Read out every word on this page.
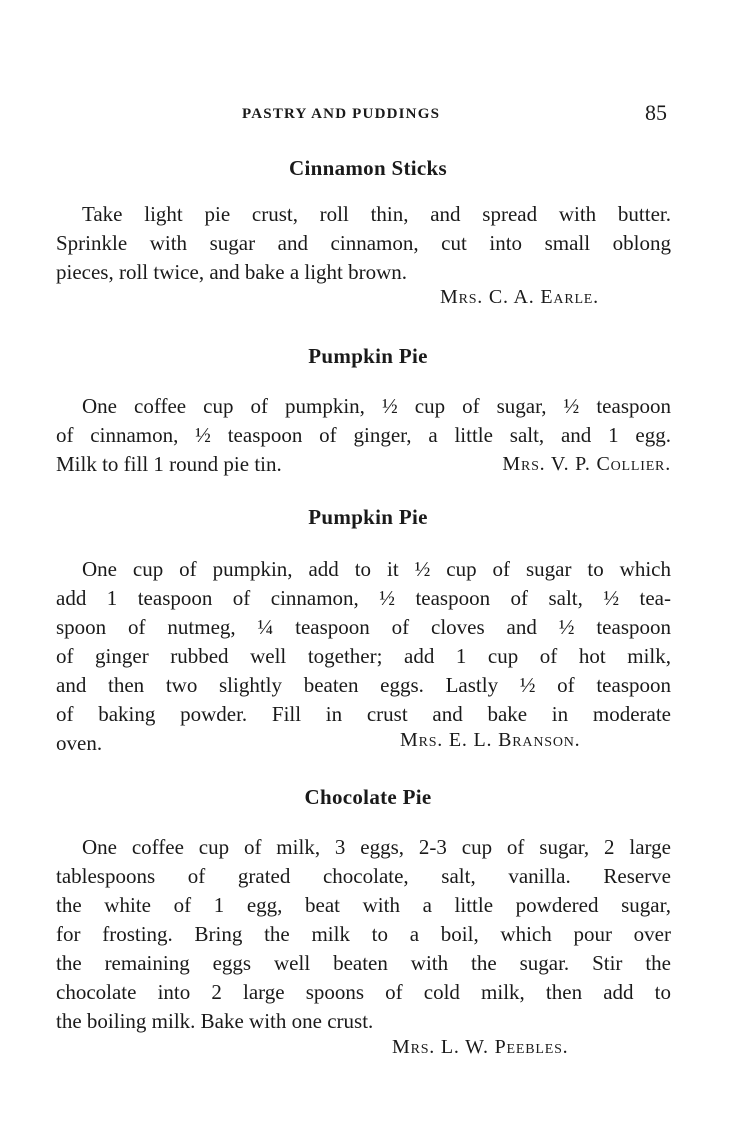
PASTRY AND PUDDINGS	85
Cinnamon Sticks
Take light pie crust, roll thin, and spread with butter.
Sprinkle with sugar and cinnamon, cut into small oblong
pieces, roll twice, and bake a light brown.
Mrs. C. A. Earle.
Pumpkin Pie
One coffee cup of pumpkin, ½ cup of sugar, ½ teaspoon
of cinnamon, ½ teaspoon of ginger, a little salt, and 1 egg.
Milk to fill 1 round pie tin.	Mrs. V. P. Collier.
Pumpkin Pie
One cup of pumpkin, add to it ½ cup of sugar to which
add 1 teaspoon of cinnamon, ½ teaspoon of salt, ½ tea-
spoon of nutmeg, ¼ teaspoon of cloves and ½ teaspoon
of ginger rubbed well together; add 1 cup of hot milk,
and then two slightly beaten eggs. Lastly ½ of teaspoon
of baking powder. Fill in crust and bake in moderate
oven.	Mrs. E. L. Branson.
Chocolate Pie
One coffee cup of milk, 3 eggs, 2-3 cup of sugar, 2 large
tablespoons of grated chocolate, salt, vanilla. Reserve
the white of 1 egg, beat with a little powdered sugar,
for frosting. Bring the milk to a boil, which pour over
the remaining eggs well beaten with the sugar. Stir the
chocolate into 2 large spoons of cold milk, then add to
the boiling milk. Bake with one crust.
Mrs. L. W. Peebles.
